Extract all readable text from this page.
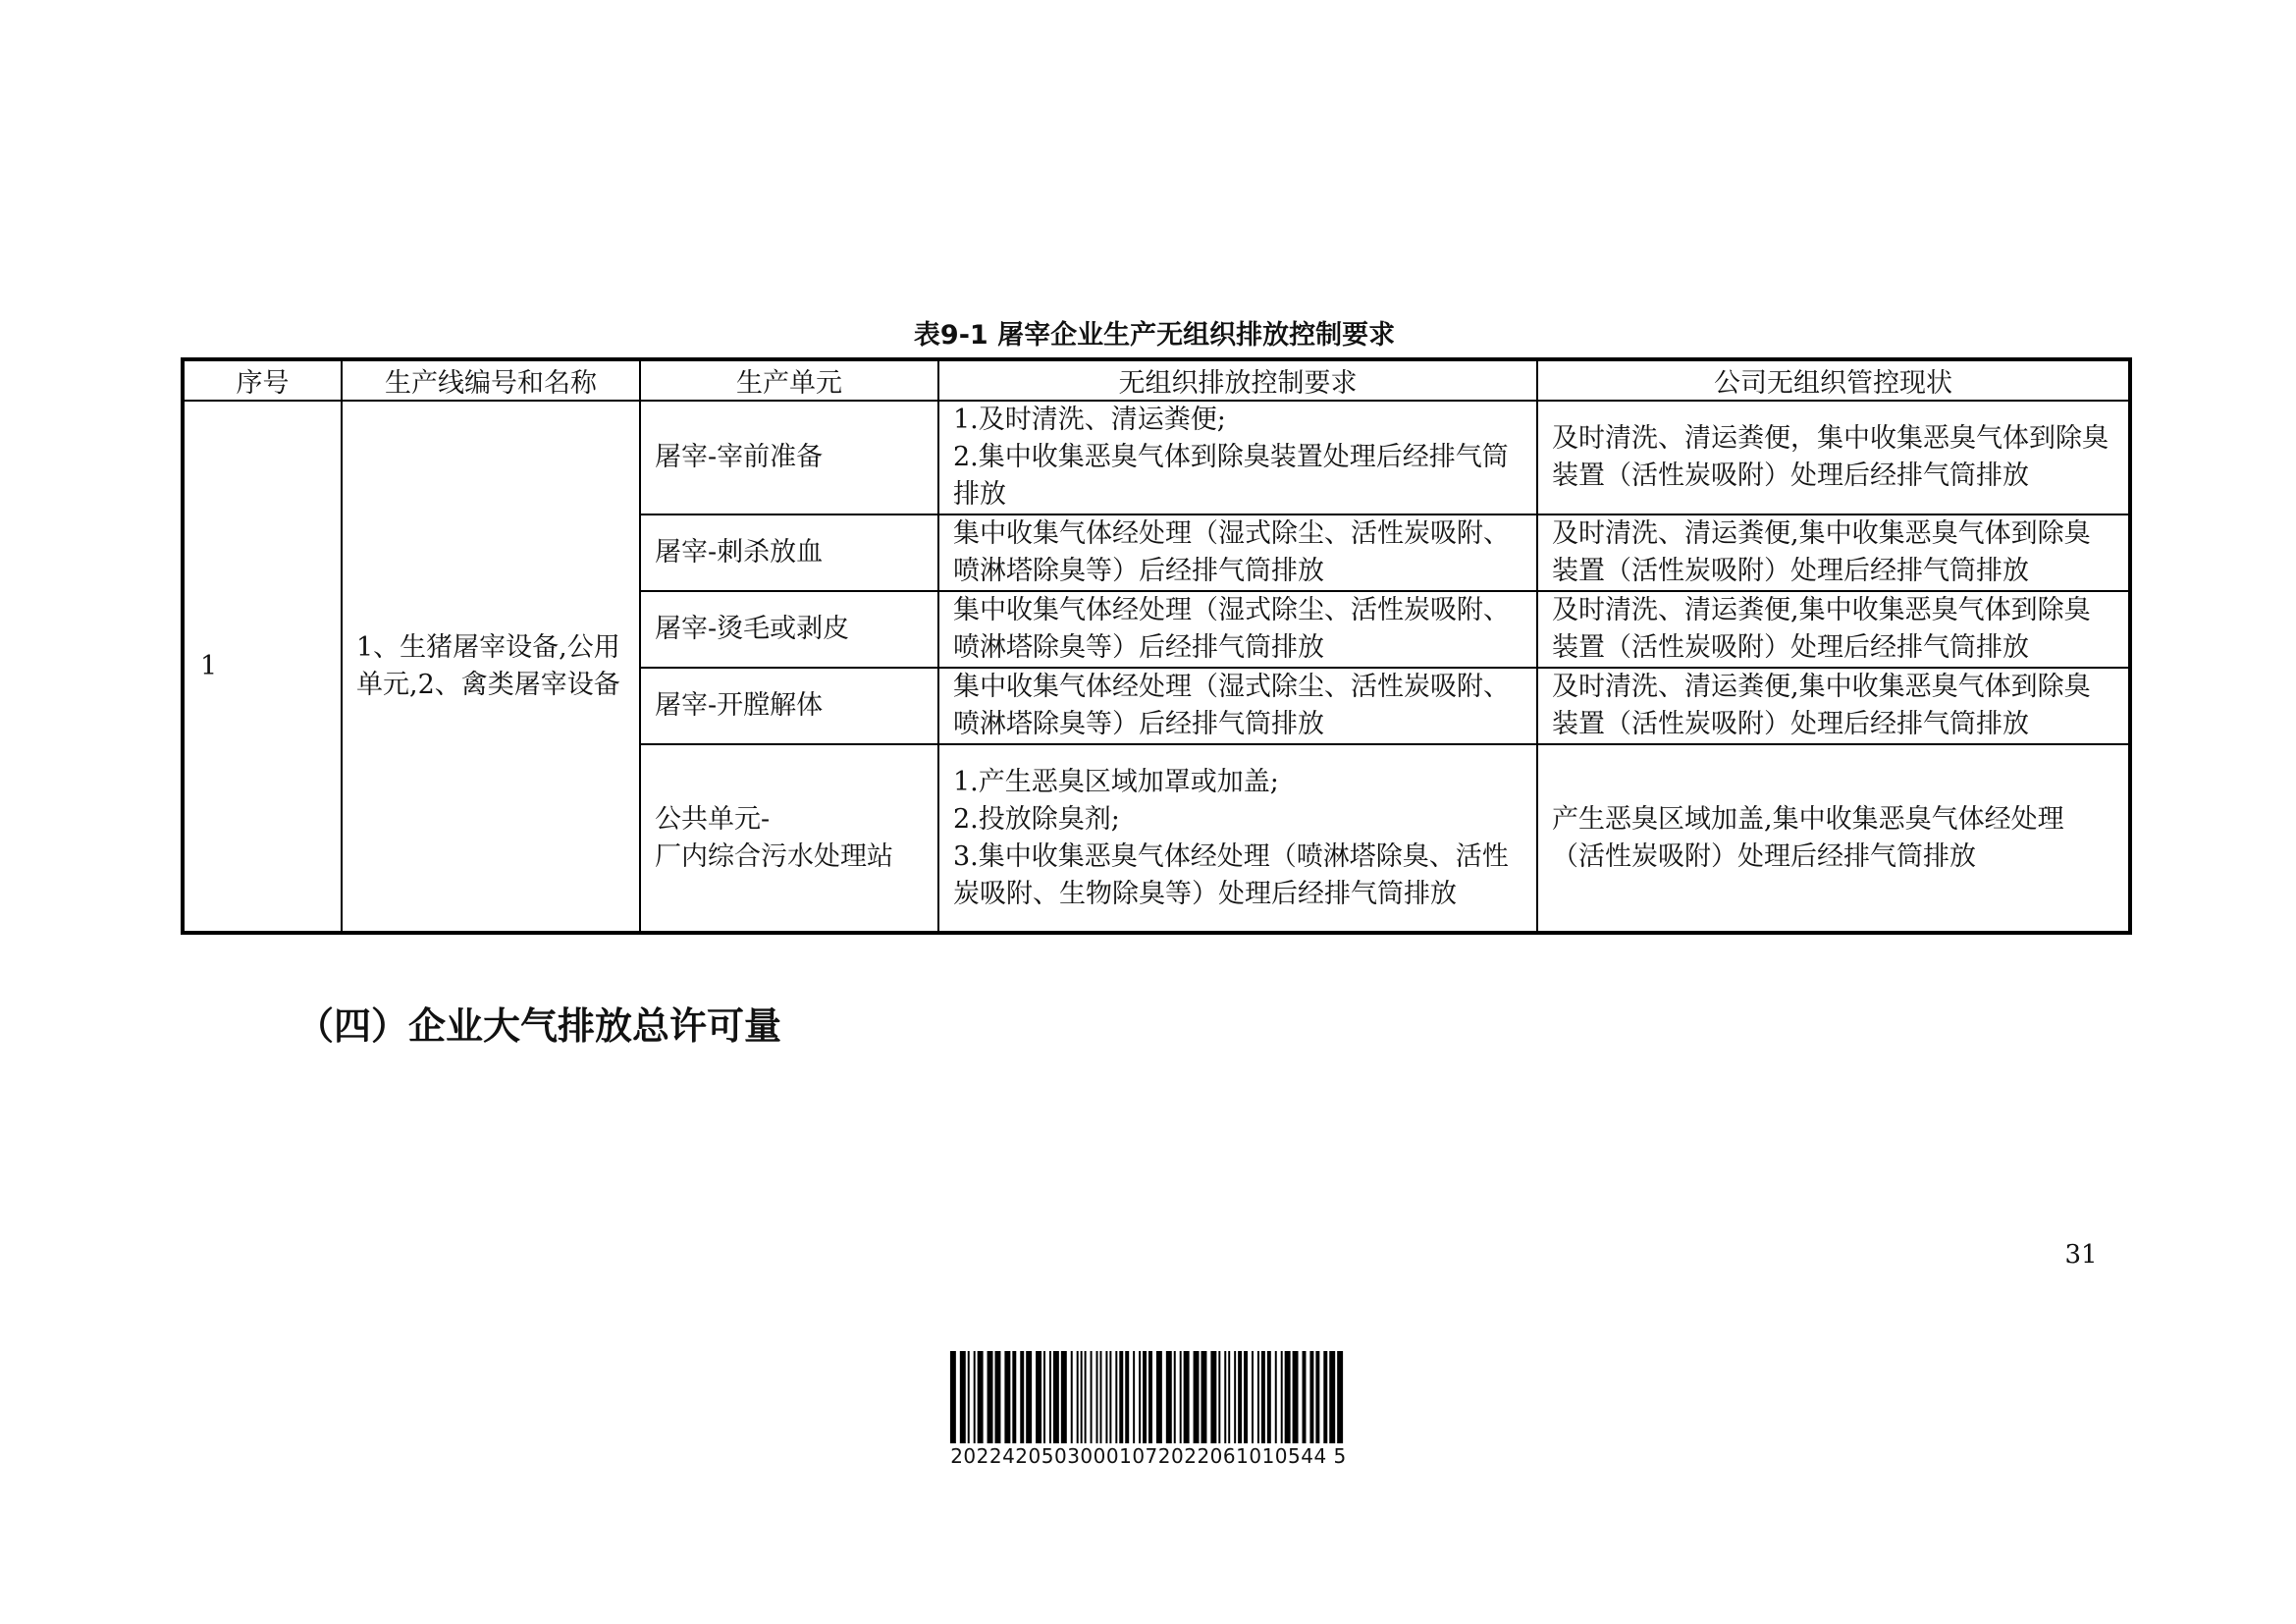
表9-1 屠宰企业生产无组织排放控制要求
序号	生产线编号和名称	生产单元	无组织排放控制要求	公司无组织管控现状
1	1、生猪屠宰设备,公用单元,2、禽类屠宰设备	屠宰-宰前准备	1.及时清洗、清运粪便;
2.集中收集恶臭气体到除臭装置处理后经排气筒排放	及时清洗、清运粪便，集中收集恶臭气体到除臭装置（活性炭吸附）处理后经排气筒排放
		屠宰-刺杀放血	集中收集气体经处理（湿式除尘、活性炭吸附、喷淋塔除臭等）后经排气筒排放	及时清洗、清运粪便,集中收集恶臭气体到除臭装置（活性炭吸附）处理后经排气筒排放
		屠宰-烫毛或剥皮	集中收集气体经处理（湿式除尘、活性炭吸附、喷淋塔除臭等）后经排气筒排放	及时清洗、清运粪便,集中收集恶臭气体到除臭装置（活性炭吸附）处理后经排气筒排放
		屠宰-开膛解体	集中收集气体经处理（湿式除尘、活性炭吸附、喷淋塔除臭等）后经排气筒排放	及时清洗、清运粪便,集中收集恶臭气体到除臭装置（活性炭吸附）处理后经排气筒排放
		公共单元-
厂内综合污水处理站	1.产生恶臭区域加罩或加盖;
2.投放除臭剂;
3.集中收集恶臭气体经处理（喷淋塔除臭、活性炭吸附、生物除臭等）处理后经排气筒排放	产生恶臭区域加盖,集中收集恶臭气体经处理（活性炭吸附）处理后经排气筒排放
（四）企业大气排放总许可量
31
20224205030001072022061010544 5
